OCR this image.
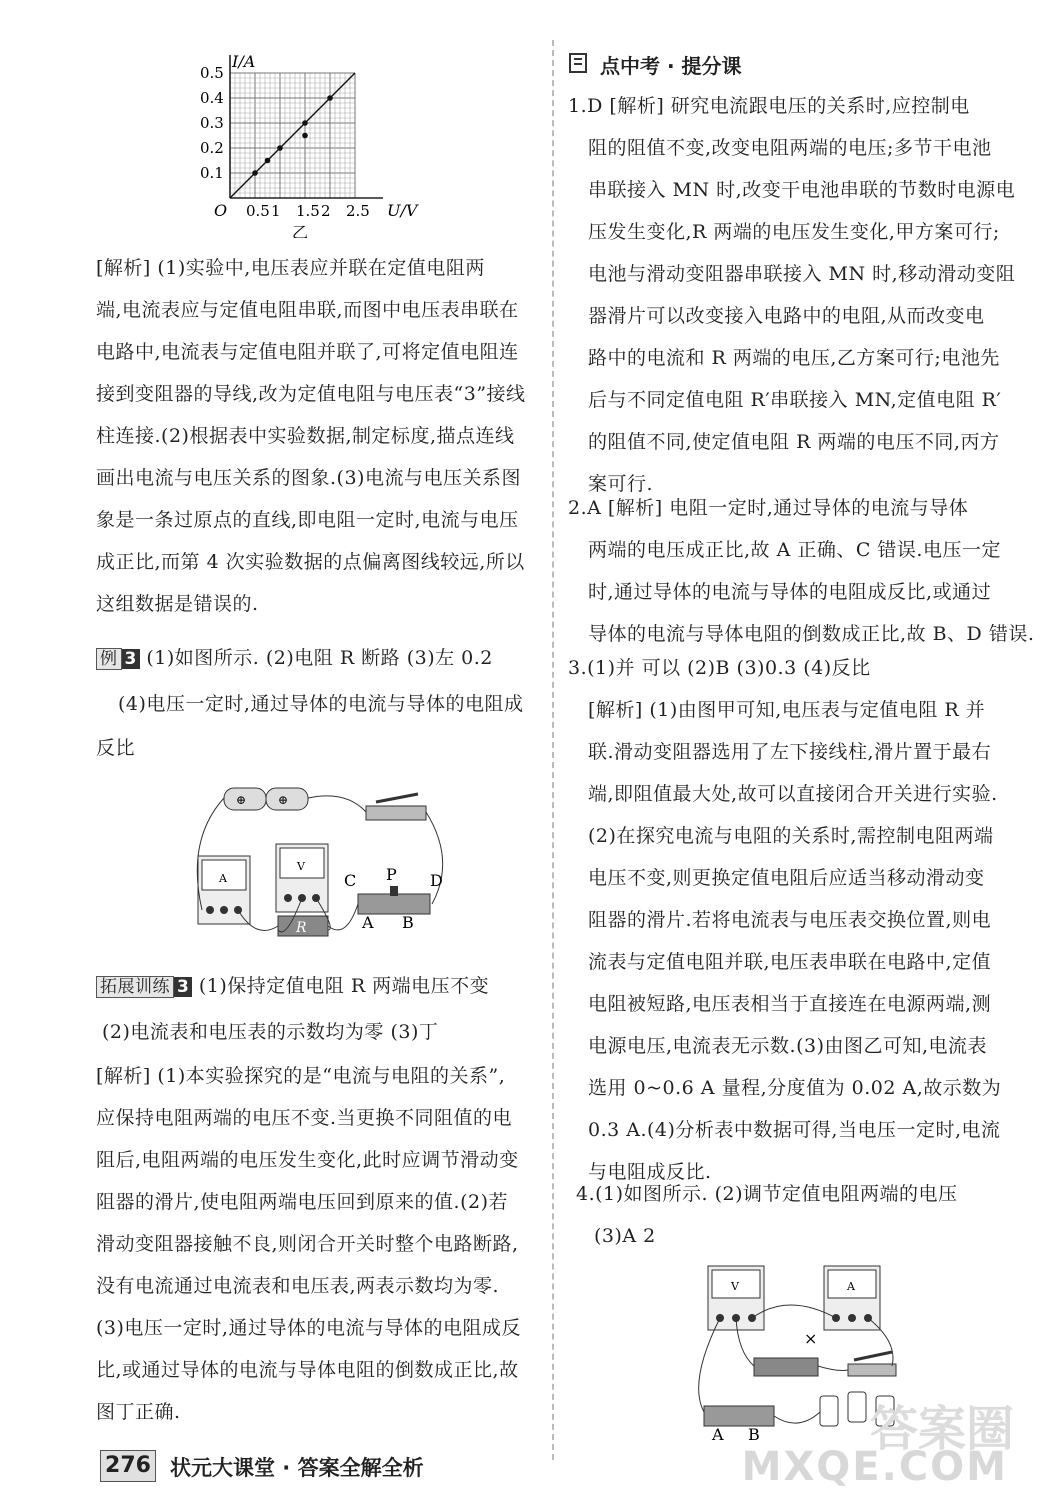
I/A
U/V
O
0.5
0.4
0.3
0.2
0.1
0.5 1 1.5 2 2.5
乙
[解析] (1)实验中,电压表应并联在定值电阻两
端,电流表应与定值电阻串联,而图中电压表串联在
电路中,电流表与定值电阻并联了,可将定值电阻连
接到变阻器的导线,改为定值电阻与电压表“3”接线
柱连接.(2)根据表中实验数据,制定标度,描点连线
画出电流与电压关系的图象.(3)电流与电压关系图
象是一条过原点的直线,即电阻一定时,电流与电压
成正比,而第 4 次实验数据的点偏离图线较远,所以
这组数据是错误的.
例 3 (1)如图所示. (2)电阻 R 断路 (3)左 0.2
(4)电压一定时,通过导体的电流与导体的电阻成
反比
⊕	⊕
A
V
C P D
A B
R
拓展训练 3 (1)保持定值电阻 R 两端电压不变
(2)电流表和电压表的示数均为零 (3)丁
[解析] (1)本实验探究的是“电流与电阻的关系”,
应保持电阻两端的电压不变.当更换不同阻值的电
阻后,电阻两端的电压发生变化,此时应调节滑动变
阻器的滑片,使电阻两端电压回到原来的值.(2)若
滑动变阻器接触不良,则闭合开关时整个电路断路,
没有电流通过电流表和电压表,两表示数均为零.
(3)电压一定时,通过导体的电流与导体的电阻成反
比,或通过导体的电流与导体电阻的倒数成正比,故
图丁正确.
点中考 · 提分课
1.D [解析] 研究电流跟电压的关系时,应控制电
阻的阻值不变,改变电阻两端的电压;多节干电池
串联接入 MN 时,改变干电池串联的节数时电源电
压发生变化,R 两端的电压发生变化,甲方案可行;
电池与滑动变阻器串联接入 MN 时,移动滑动变阻
器滑片可以改变接入电路中的电阻,从而改变电
路中的电流和 R 两端的电压,乙方案可行;电池先
后与不同定值电阻 R′串联接入 MN,定值电阻 R′
的阻值不同,使定值电阻 R 两端的电压不同,丙方
案可行.
2.A [解析] 电阻一定时,通过导体的电流与导体
两端的电压成正比,故 A 正确、C 错误.电压一定
时,通过导体的电流与导体的电阻成反比,或通过
导体的电流与导体电阻的倒数成正比,故 B、D 错误.
3.(1)并 可以 (2)B (3)0.3 (4)反比
[解析] (1)由图甲可知,电压表与定值电阻 R 并
联.滑动变阻器选用了左下接线柱,滑片置于最右
端,即阻值最大处,故可以直接闭合开关进行实验.
(2)在探究电流与电阻的关系时,需控制电阻两端
电压不变,则更换定值电阻后应适当移动滑动变
阻器的滑片.若将电流表与电压表交换位置,则电
流表与定值电阻并联,电压表串联在电路中,定值
电阻被短路,电压表相当于直接连在电源两端,测
电源电压,电流表无示数.(3)由图乙可知,电流表
选用 0~0.6 A 量程,分度值为 0.02 A,故示数为
0.3 A.(4)分析表中数据可得,当电压一定时,电流
与电阻成反比.
4.(1)如图所示. (2)调节定值电阻两端的电压
(3)A 2
V	A
×
A B
276 状元大课堂 · 答案全解全析
答案圈
MXQE.COM
